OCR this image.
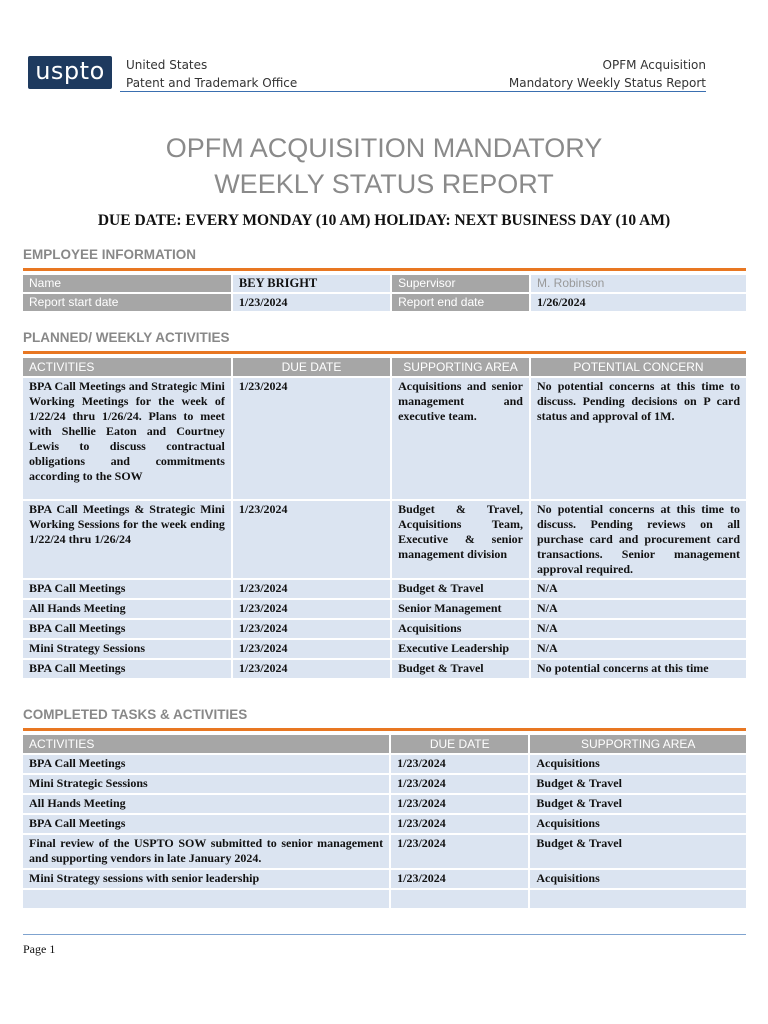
uspto	United States
Patent and Trademark Office
OPFM Acquisition
Mandatory Weekly Status Report
OPFM ACQUISITION MANDATORY
WEEKLY STATUS REPORT
DUE DATE: EVERY MONDAY (10 AM) HOLIDAY: NEXT BUSINESS DAY (10 AM)
EMPLOYEE INFORMATION
Name	BEY BRIGHT	Supervisor	M. Robinson
Report start date	1/23/2024	Report end date	1/26/2024
PLANNED/ WEEKLY ACTIVITIES
ACTIVITIES	DUE DATE	SUPPORTING AREA	POTENTIAL CONCERN
BPA Call Meetings and Strategic Mini Working Meetings for the week of 1/22/24 thru 1/26/24. Plans to meet with Shellie Eaton and Courtney Lewis to discuss contractual obligations and commitments according to the SOW	1/23/2024	Acquisitions and senior management and executive team.	No potential concerns at this time to discuss. Pending decisions on P card status and approval of 1M.
BPA Call Meetings & Strategic Mini Working Sessions for the week ending 1/22/24 thru 1/26/24	1/23/2024	Budget & Travel, Acquisitions Team, Executive & senior management division	No potential concerns at this time to discuss. Pending reviews on all purchase card and procurement card transactions. Senior management approval required.
BPA Call Meetings	1/23/2024	Budget & Travel	N/A
All Hands Meeting	1/23/2024	Senior Management	N/A
BPA Call Meetings	1/23/2024	Acquisitions	N/A
Mini Strategy Sessions	1/23/2024	Executive Leadership	N/A
BPA Call Meetings	1/23/2024	Budget & Travel	No potential concerns at this time
COMPLETED TASKS & ACTIVITIES
ACTIVITIES	DUE DATE	SUPPORTING AREA
BPA Call Meetings	1/23/2024	Acquisitions
Mini Strategic Sessions	1/23/2024	Budget & Travel
All Hands Meeting	1/23/2024	Budget & Travel
BPA Call Meetings	1/23/2024	Acquisitions
Final review of the USPTO SOW submitted to senior management and supporting vendors in late January 2024.	1/23/2024	Budget & Travel
Mini Strategy sessions with senior leadership	1/23/2024	Acquisitions

Page 1
